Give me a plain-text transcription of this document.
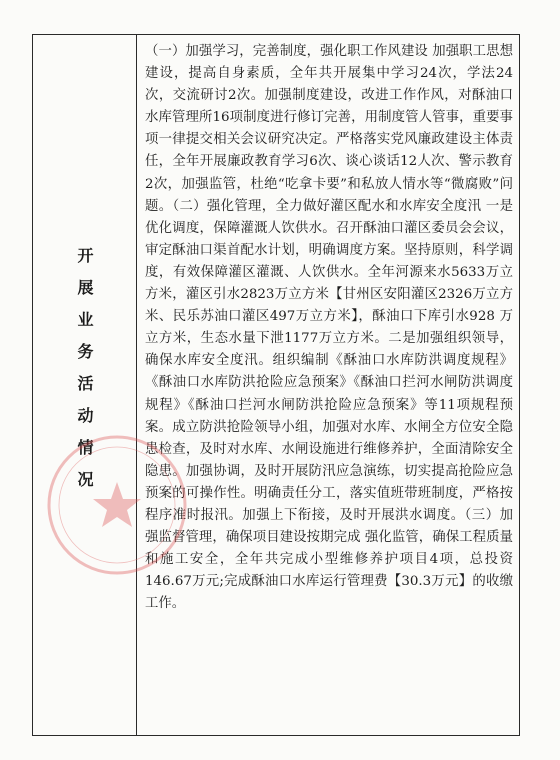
开展业务活动情况

（一）加强学习，完善制度，强化职工作风建设 加强职工思想建设，提高自身素质，全年共开展集中学习24次，学法24次，交流研讨2次。加强制度建设，改进工作作风，对酥油口水库管理所16项制度进行修订完善，用制度管人管事，重要事项一律提交相关会议研究决定。严格落实党风廉政建设主体责任，全年开展廉政教育学习6次、谈心谈话12人次、警示教育2次，加强监管，杜绝“吃拿卡要”和私放人情水等“微腐败”问题。（二）强化管理，全力做好灌区配水和水库安全度汛 一是优化调度，保障灌溉人饮供水。召开酥油口灌区委员会会议，审定酥油口渠首配水计划，明确调度方案。坚持原则，科学调度，有效保障灌区灌溉、人饮供水。全年河源来水5633万立方米，灌区引水2823万立方米【甘州区安阳灌区2326万立方米、民乐苏油口灌区497万立方米】，酥油口下库引水928 万立方米，生态水量下泄1177万立方米。二是加强组织领导，确保水库安全度汛。组织编制《酥油口水库防洪调度规程》《酥油口水库防洪抢险应急预案》《酥油口拦河水闸防洪调度规程》《酥油口拦河水闸防洪抢险应急预案》等11项规程预案。成立防洪抢险领导小组，加强对水库、水闸全方位安全隐患检查，及时对水库、水闸设施进行维修养护，全面清除安全隐患。加强协调，及时开展防汛应急演练，切实提高抢险应急预案的可操作性。明确责任分工，落实值班带班制度，严格按程序准时报汛。加强上下衔接，及时开展洪水调度。（三）加强监督管理，确保项目建设按期完成 强化监管，确保工程质量和施工安全，全年共完成小型维修养护项目4项，总投资146.67万元;完成酥油口水库运行管理费【30.3万元】的收缴工作。
